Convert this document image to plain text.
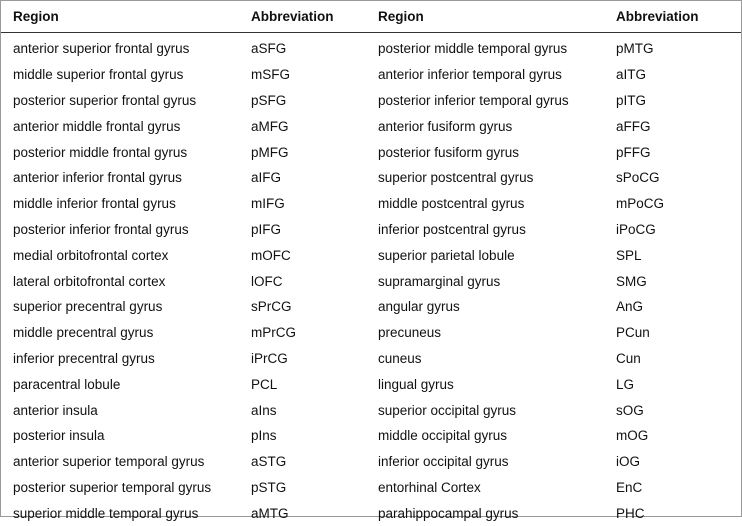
Region	Abbreviation	Region	Abbreviation
anterior superior frontal gyrus	aSFG	posterior middle temporal gyrus	pMTG
middle superior frontal gyrus	mSFG	anterior inferior temporal gyrus	aITG
posterior superior frontal gyrus	pSFG	posterior inferior temporal gyrus	pITG
anterior middle frontal gyrus	aMFG	anterior fusiform gyrus	aFFG
posterior middle frontal gyrus	pMFG	posterior fusiform gyrus	pFFG
anterior inferior frontal gyrus	aIFG	superior postcentral gyrus	sPoCG
middle inferior frontal gyrus	mIFG	middle postcentral gyrus	mPoCG
posterior inferior frontal gyrus	pIFG	inferior postcentral gyrus	iPoCG
medial orbitofrontal cortex	mOFC	superior parietal lobule	SPL
lateral orbitofrontal cortex	lOFC	supramarginal gyrus	SMG
superior precentral gyrus	sPrCG	angular gyrus	AnG
middle precentral gyrus	mPrCG	precuneus	PCun
inferior precentral gyrus	iPrCG	cuneus	Cun
paracentral lobule	PCL	lingual gyrus	LG
anterior insula	aIns	superior occipital gyrus	sOG
posterior insula	pIns	middle occipital gyrus	mOG
anterior superior temporal gyrus	aSTG	inferior occipital gyrus	iOG
posterior superior temporal gyrus	pSTG	entorhinal Cortex	EnC
superior middle temporal gyrus	aMTG	parahippocampal gyrus	PHC
